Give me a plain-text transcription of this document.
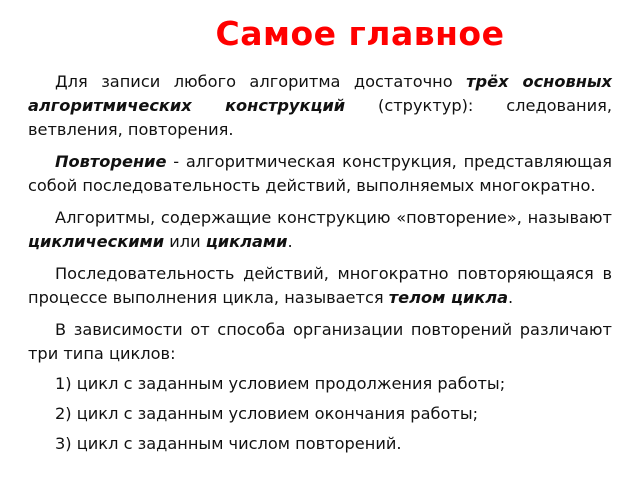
Самое главное

Для записи любого алгоритма достаточно трёх основных алгоритмических конструкций (структур): следования, ветвления, повторения.

Повторение - алгоритмическая конструкция, представляющая собой последовательность действий, выполняемых многократно.

Алгоритмы, содержащие конструкцию «повторение», называют циклическими или циклами.

Последовательность действий, многократно повторяющаяся в процессе выполнения цикла, называется телом цикла.

В зависимости от способа организации повторений различают три типа циклов:

1) цикл с заданным условием продолжения работы;
2) цикл с заданным условием окончания работы;
3) цикл с заданным числом повторений.
